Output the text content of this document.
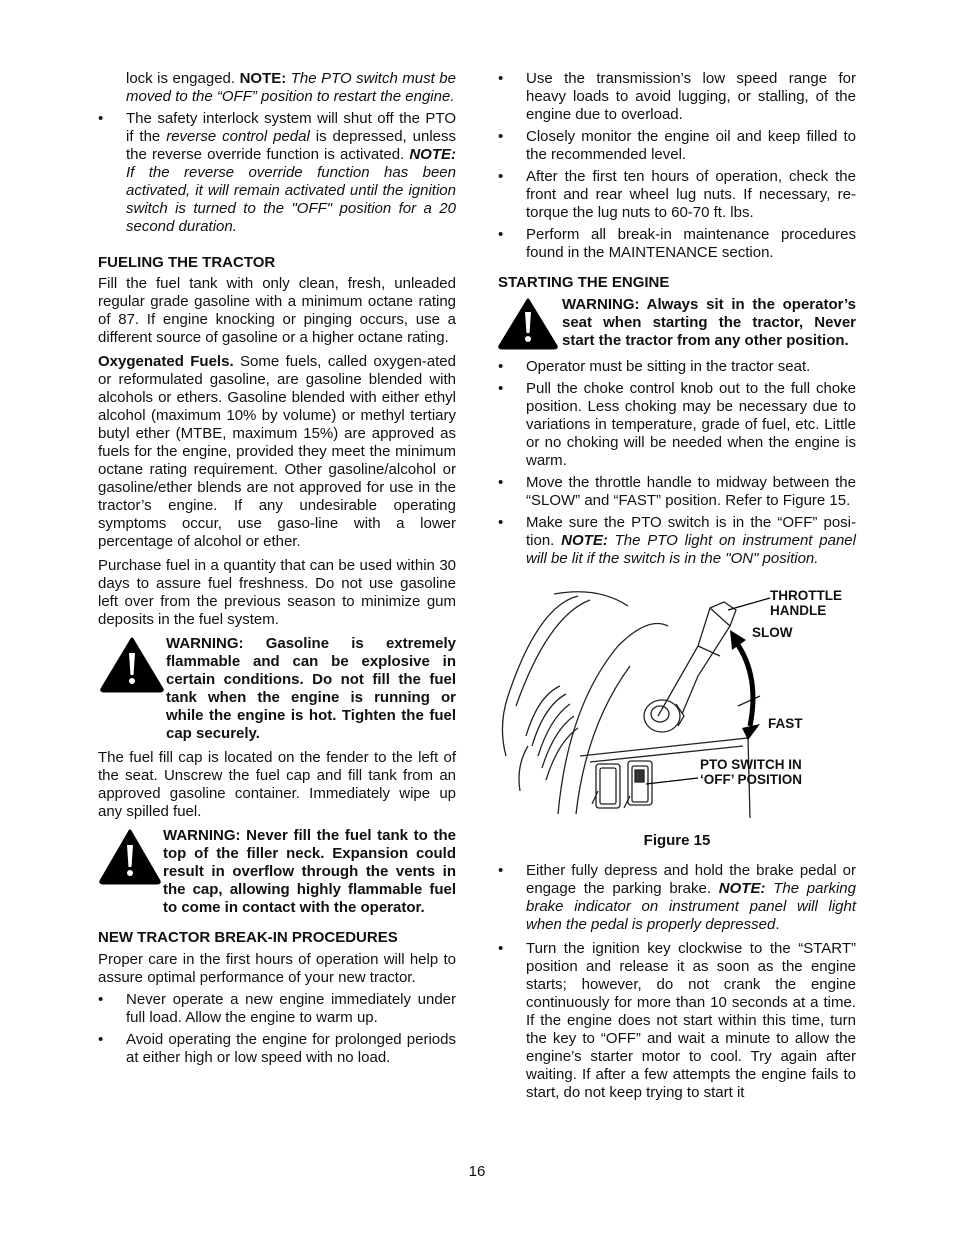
lock is engaged. NOTE: The PTO switch must be moved to the “OFF” position to restart the engine.

• The safety interlock system will shut off the PTO if the reverse control pedal is depressed, unless the reverse override function is activated. NOTE: If the reverse override function has been activated, it will remain activated until the ignition switch is turned to the "OFF" position for a 20 second duration.
FUELING THE TRACTOR

Fill the fuel tank with only clean, fresh, unleaded regular grade gasoline with a minimum octane rating of 87. If engine knocking or pinging occurs, use a different source of gasoline or a higher octane rating.

Oxygenated Fuels. Some fuels, called oxygen-ated or reformulated gasoline, are gasoline blended with alcohols or ethers. Gasoline blended with either ethyl alcohol (maximum 10% by volume) or methyl tertiary butyl ether (MTBE, maximum 15%) are approved as fuels for the engine, provided they meet the minimum octane rating requirement. Other gasoline/alcohol or gasoline/ether blends are not approved for use in the tractor’s engine. If any undesirable operating symptoms occur, use gaso-line with a lower percentage of alcohol or ether.

Purchase fuel in a quantity that can be used within 30 days to assure fuel freshness. Do not use gasoline left over from the previous season to minimize gum deposits in the fuel system.

WARNING: Gasoline is extremely flammable and can be explosive in certain conditions. Do not fill the fuel tank when the engine is running or while the engine is hot. Tighten the fuel cap securely.

The fuel fill cap is located on the fender to the left of the seat. Unscrew the fuel cap and fill tank from an approved gasoline container. Immediately wipe up any spilled fuel.

WARNING: Never fill the fuel tank to the top of the filler neck. Expansion could result in overflow through the vents in the cap, allowing highly flammable fuel to come in contact with the operator.
NEW TRACTOR BREAK-IN PROCEDURES

Proper care in the first hours of operation will help to assure optimal performance of your new tractor.

• Never operate a new engine immediately under full load. Allow the engine to warm up.
• Avoid operating the engine for prolonged periods at either high or low speed with no load.
• Use the transmission’s low speed range for heavy loads to avoid lugging, or stalling, of the engine due to overload.
• Closely monitor the engine oil and keep filled to the recommended level.
• After the first ten hours of operation, check the front and rear wheel lug nuts. If necessary, re-torque the lug nuts to 60-70 ft. lbs.
• Perform all break-in maintenance procedures found in the MAINTENANCE section.
STARTING THE ENGINE
WARNING: Always sit in the operator’s seat when starting the tractor, Never start the tractor from any other position.
• Operator must be sitting in the tractor seat.
• Pull the choke control knob out to the full choke position. Less choking may be necessary due to variations in temperature, grade of fuel, etc. Little or no choking will be needed when the engine is warm.
• Move the throttle handle to midway between the “SLOW” and “FAST” position. Refer to Figure 15.
• Make sure the PTO switch is in the “OFF” posi-tion. NOTE: The PTO light on instrument panel will be lit if the switch is in the "ON" position.
THROTTLE HANDLE
SLOW
FAST
PTO SWITCH IN ‘OFF’ POSITION
Figure 15
• Either fully depress and hold the brake pedal or engage the parking brake. NOTE: The parking brake indicator on instrument panel will light when the pedal is properly depressed.
• Turn the ignition key clockwise to the “START” position and release it as soon as the engine starts; however, do not crank the engine continuously for more than 10 seconds at a time. If the engine does not start within this time, turn the key to “OFF” and wait a minute to allow the engine’s starter motor to cool. Try again after waiting. If after a few attempts the engine fails to start, do not keep trying to start it
16
